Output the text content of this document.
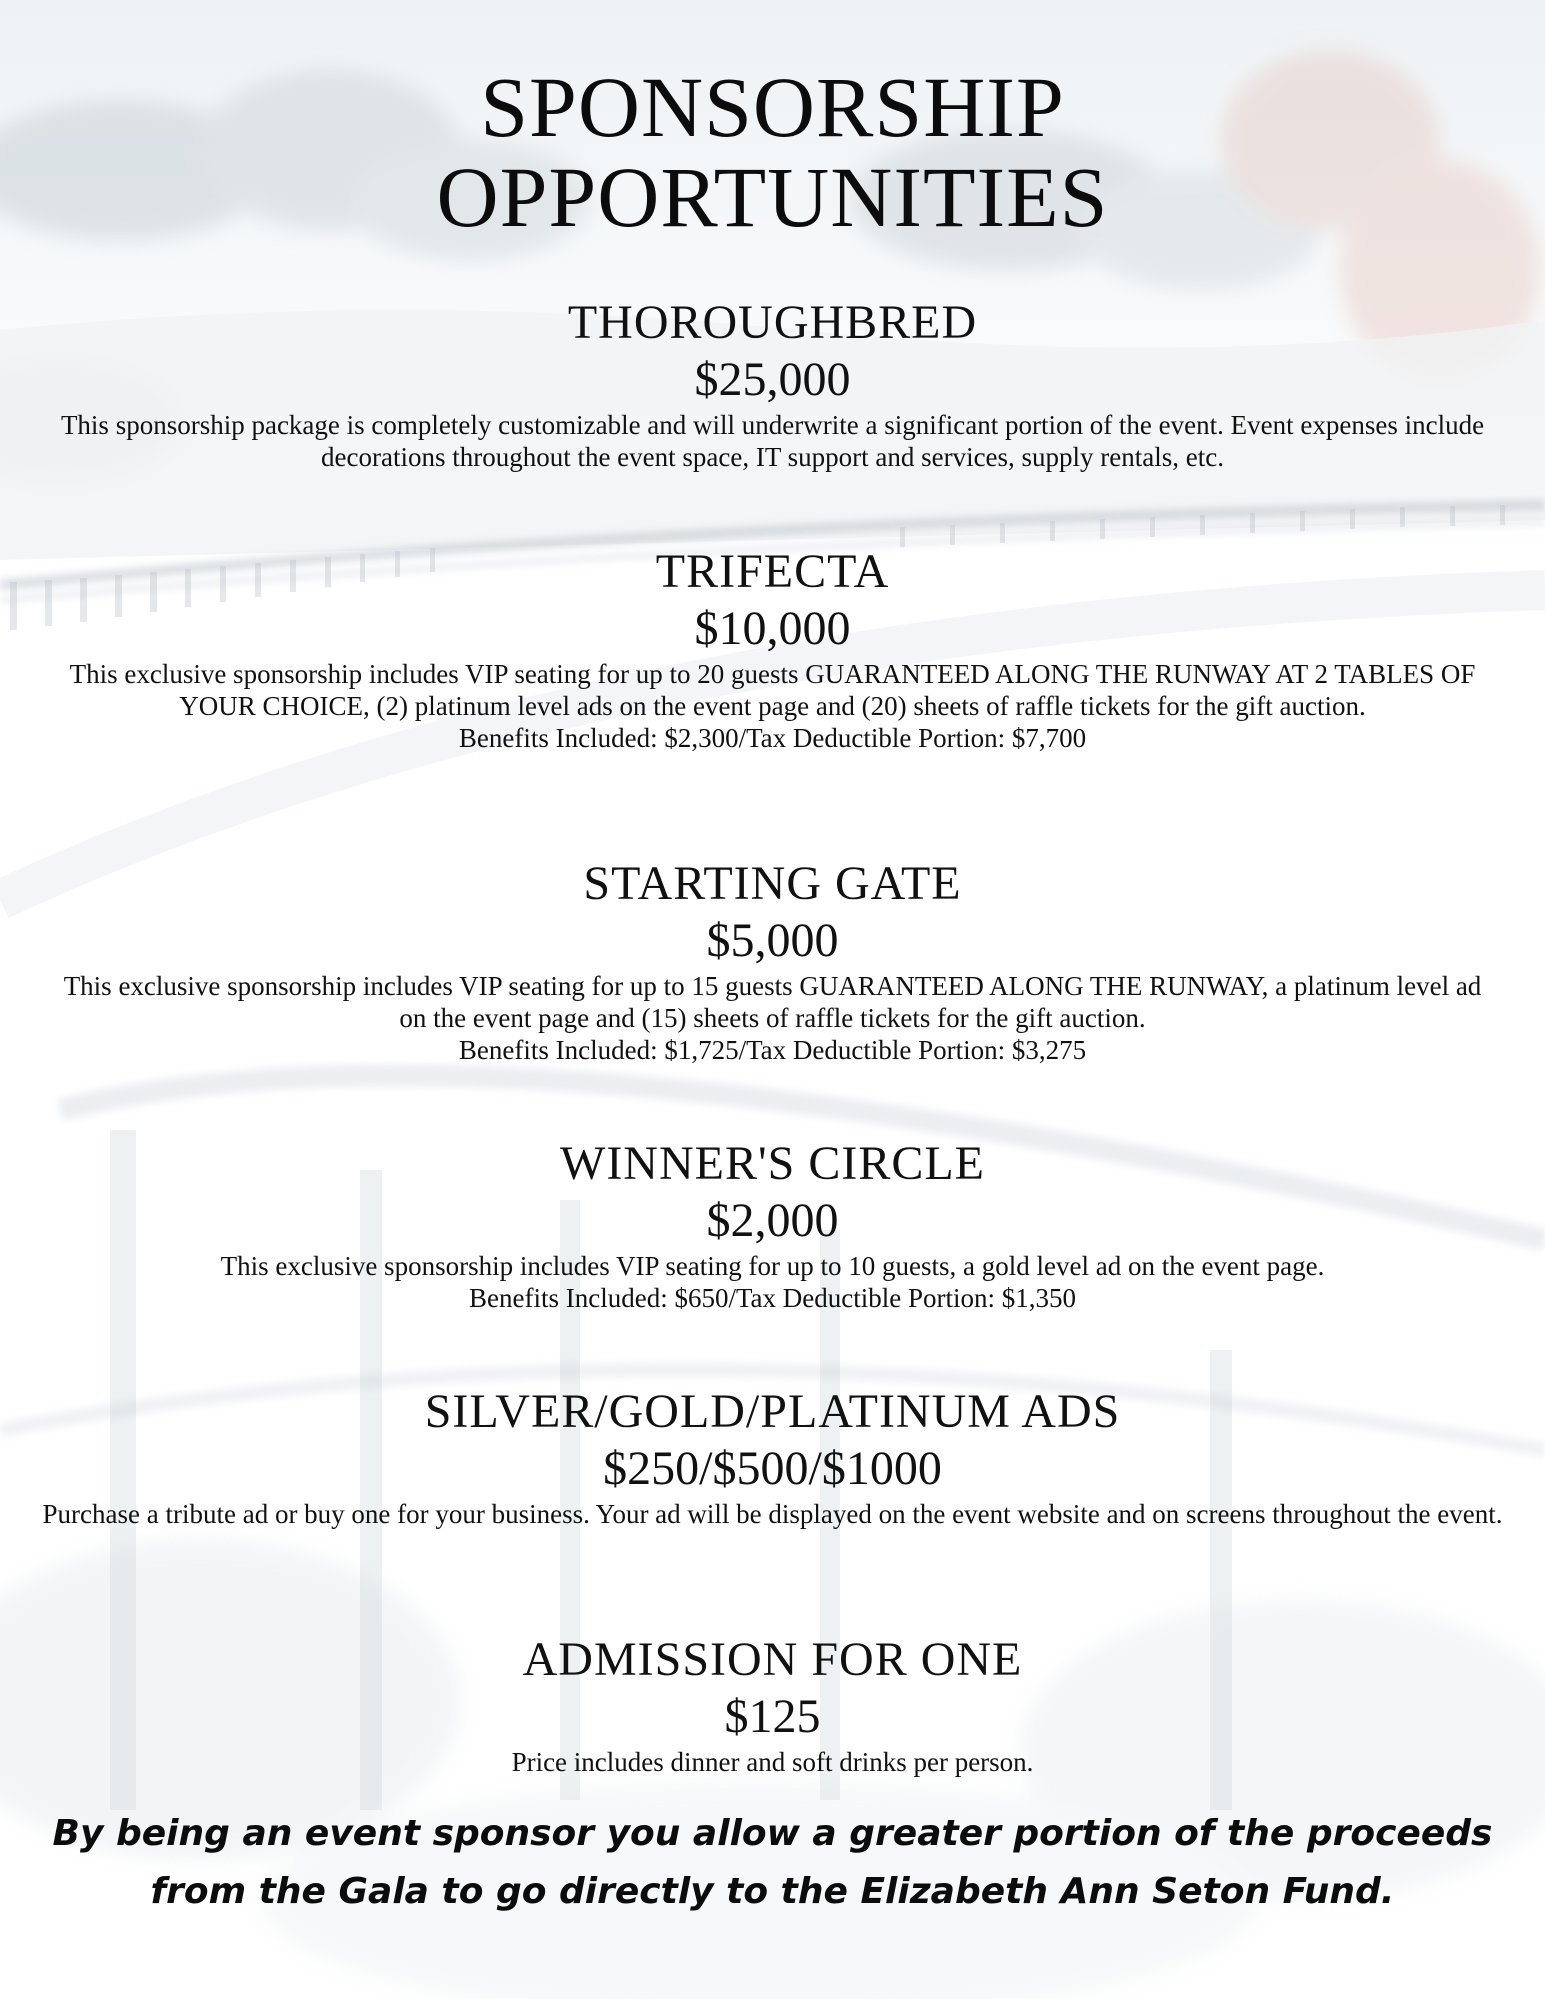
SPONSORSHIP
OPPORTUNITIES
THOROUGHBRED
$25,000

This sponsorship package is completely customizable and will underwrite a significant portion of the event. Event expenses include decorations throughout the event space, IT support and services, supply rentals, etc.

TRIFECTA
$10,000

This exclusive sponsorship includes VIP seating for up to 20 guests GUARANTEED ALONG THE RUNWAY AT 2 TABLES OF YOUR CHOICE, (2) platinum level ads on the event page and (20) sheets of raffle tickets for the gift auction.

Benefits Included: $2,300/Tax Deductible Portion: $7,700

STARTING GATE
$5,000

This exclusive sponsorship includes VIP seating for up to 15 guests GUARANTEED ALONG THE RUNWAY, a platinum level ad on the event page and (15) sheets of raffle tickets for the gift auction.

Benefits Included: $1,725/Tax Deductible Portion: $3,275

WINNER'S CIRCLE
$2,000

This exclusive sponsorship includes VIP seating for up to 10 guests, a gold level ad on the event page.

Benefits Included: $650/Tax Deductible Portion: $1,350

SILVER/GOLD/PLATINUM ADS
$250/$500/$1000

Purchase a tribute ad or buy one for your business. Your ad will be displayed on the event website and on screens throughout the event.

ADMISSION FOR ONE
$125

Price includes dinner and soft drinks per person.

By being an event sponsor you allow a greater portion of the proceeds
from the Gala to go directly to the Elizabeth Ann Seton Fund.
